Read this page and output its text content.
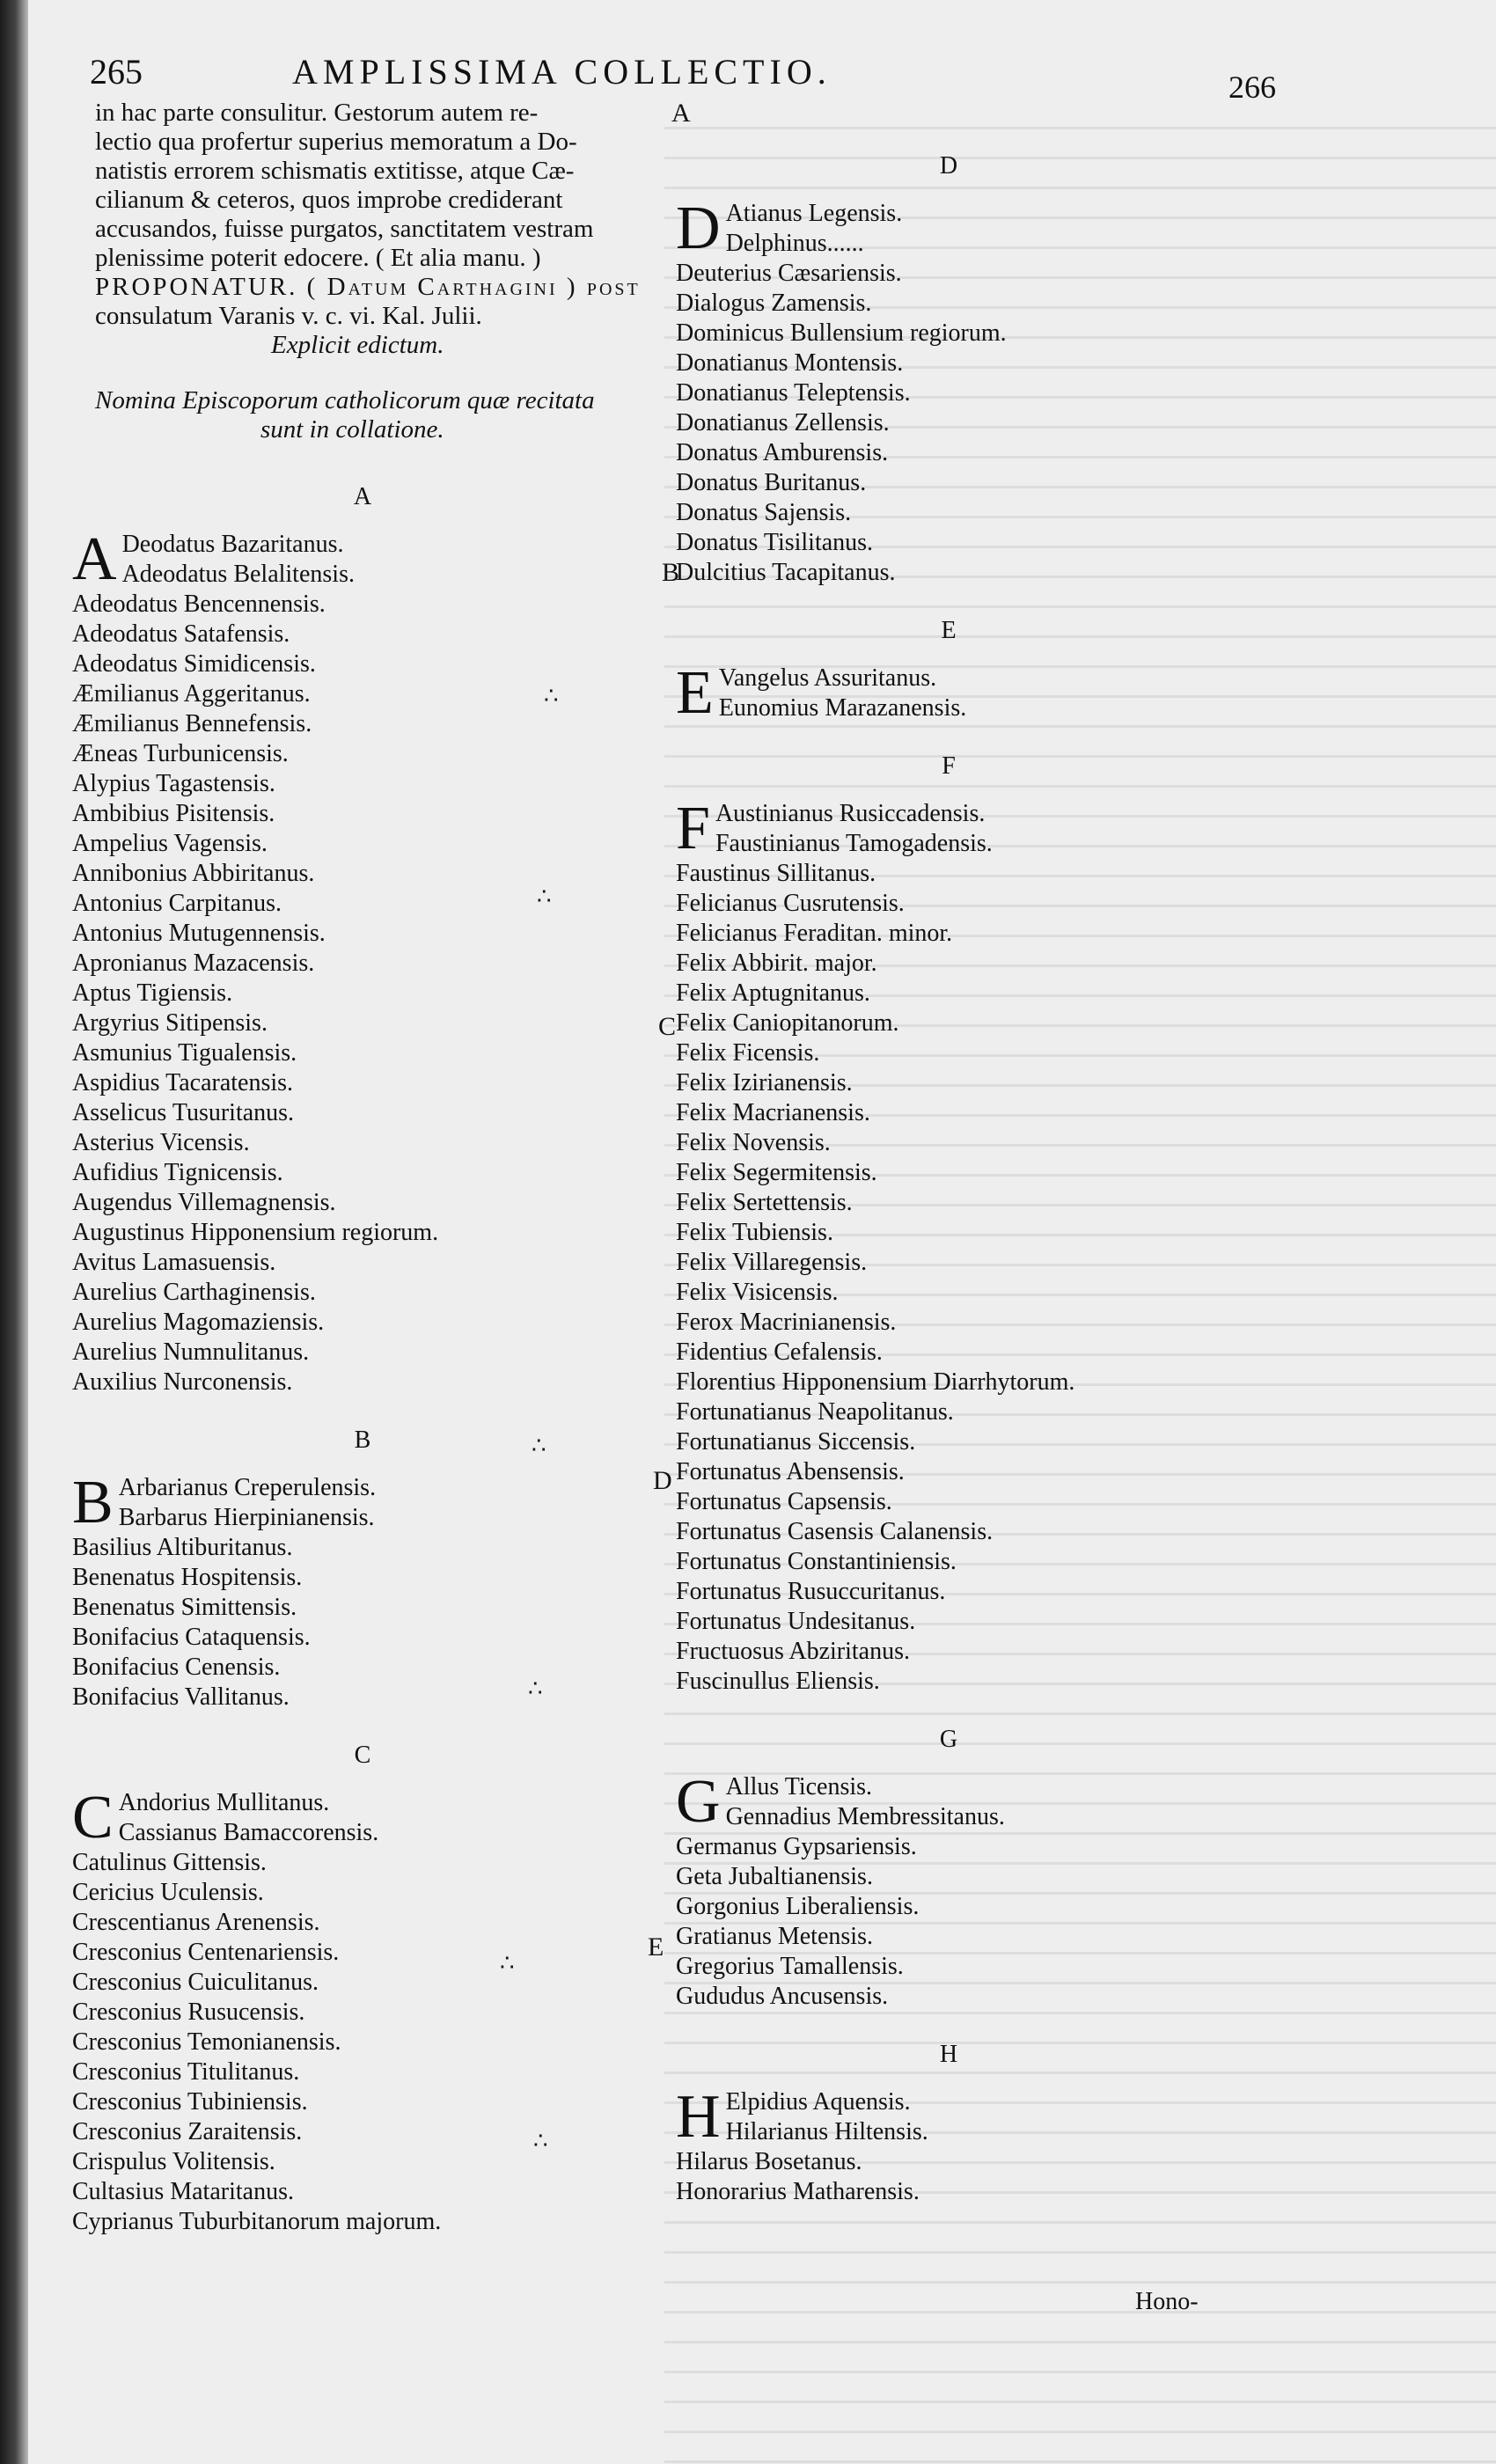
265	AMPLISSIMA COLLECTIO.	266
in hac parte consulitur. Gestorum autem re-
lectio qua profertur superius memoratum a Do-
natistis errorem schismatis extitisse, atque Cæ-
cilianum & ceteros, quos improbe crediderant
accusandos, fuisse purgatos, sanctitatem vestram
plenissime poterit edocere. ( Et alia manu. )
PROPONATUR. ( Datum Carthagini ) post
consulatum Varanis v. c. vi. Kal. Julii.
Explicit edictum.
Nomina Episcoporum catholicorum quæ recitata
sunt in collatione.
A
A Deodatus Bazaritanus.
Adeodatus Belalitensis.
Adeodatus Bencennensis.
Adeodatus Satafensis.
Adeodatus Simidicensis.
Æmilianus Aggeritanus.
Æmilianus Bennefensis.
Æneas Turbunicensis.
Alypius Tagastensis.
Ambibius Pisitensis.
Ampelius Vagensis.
Annibonius Abbiritanus.
Antonius Carpitanus.
Antonius Mutugennensis.
Apronianus Mazacensis.
Aptus Tigiensis.
Argyrius Sitipensis.
Asmunius Tigualensis.
Aspidius Tacaratensis.
Asselicus Tusuritanus.
Asterius Vicensis.
Aufidius Tignicensis.
Augendus Villemagnensis.
Augustinus Hipponensium regiorum.
Avitus Lamasuensis.
Aurelius Carthaginensis.
Aurelius Magomaziensis.
Aurelius Numnulitanus.
Auxilius Nurconensis.
B
B Arbarianus Creperulensis.
Barbarus Hierpinianensis.
Basilius Altiburitanus.
Benenatus Hospitensis.
Benenatus Simittensis.
Bonifacius Cataquensis.
Bonifacius Cenensis.
Bonifacius Vallitanus.
C
C Andorius Mullitanus.
Cassianus Bamaccorensis.
Catulinus Gittensis.
Cericius Uculensis.
Crescentianus Arenensis.
Cresconius Centenariensis.
Cresconius Cuiculitanus.
Cresconius Rusucensis.
Cresconius Temonianensis.
Cresconius Titulitanus.
Cresconius Tubiniensis.
Cresconius Zaraitensis.
Crispulus Volitensis.
Cultasius Mataritanus.
Cyprianus Tuburbitanorum majorum.
D
D Atianus Legensis.
Delphinus......
Deuterius Cæsariensis.
Dialogus Zamensis.
Dominicus Bullensium regiorum.
Donatianus Montensis.
Donatianus Teleptensis.
Donatianus Zellensis.
Donatus Amburensis.
Donatus Buritanus.
Donatus Sajensis.
Donatus Tisilitanus.
Dulcitius Tacapitanus.
E
E Vangelus Assuritanus.
Eunomius Marazanensis.
F
F Austinianus Rusiccadensis.
Faustinianus Tamogadensis.
Faustinus Sillitanus.
Felicianus Cusrutensis.
Felicianus Feraditan. minor.
Felix Abbirit. major.
Felix Aptugnitanus.
Felix Caniopitanorum.
Felix Ficensis.
Felix Izirianensis.
Felix Macrianensis.
Felix Novensis.
Felix Segermitensis.
Felix Sertettensis.
Felix Tubiensis.
Felix Villaregensis.
Felix Visicensis.
Ferox Macrinianensis.
Fidentius Cefalensis.
Florentius Hipponensium Diarrhytorum.
Fortunatianus Neapolitanus.
Fortunatianus Siccensis.
Fortunatus Abensensis.
Fortunatus Capsensis.
Fortunatus Casensis Calanensis.
Fortunatus Constantiniensis.
Fortunatus Rusuccuritanus.
Fortunatus Undesitanus.
Fructuosus Abziritanus.
Fuscinullus Eliensis.
G
G Allus Ticensis.
Gennadius Membressitanus.
Germanus Gypsariensis.
Geta Jubaltianensis.
Gorgonius Liberaliensis.
Gratianus Metensis.
Gregorius Tamallensis.
Gududus Ancusensis.
H
H Elpidius Aquensis.
Hilarianus Hiltensis.
Hilarus Bosetanus.
Honorarius Matharensis.
A
B
C
D
E
∴
∴
∴
∴
∴
∴
Hono-
